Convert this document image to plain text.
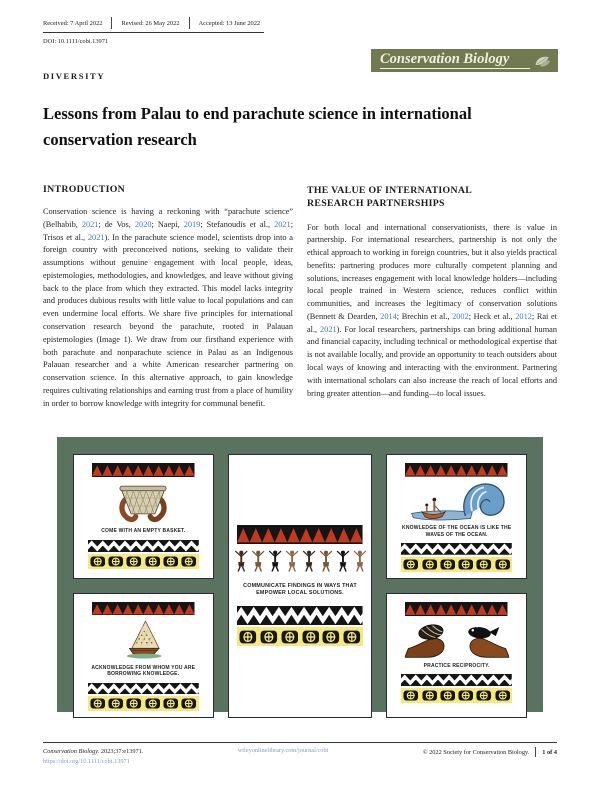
Received: 7 April 2022	Revised: 26 May 2022	Accepted: 13 June 2022
DOI: 10.1111/cobi.13971
Conservation Biology
DIVERSITY
Lessons from Palau to end parachute science in international conservation research
INTRODUCTION

Conservation science is having a reckoning with “parachute science” (Belhabib, 2021; de Vos, 2020; Naepi, 2019; Stefanoudis et al., 2021; Trisos et al., 2021). In the parachute science model, scientists drop into a foreign country with preconceived notions, seeking to validate their assumptions without genuine engagement with local people, ideas, epistemologies, methodologies, and knowledges, and leave without giving back to the place from which they extracted. This model lacks integrity and produces dubious results with little value to local populations and can even undermine local efforts. We share five principles for international conservation research beyond the parachute, rooted in Palauan epistemologies (Image 1). We draw from our firsthand experience with both parachute and nonparachute science in Palau as an Indigenous Palauan researcher and a white American researcher partnering on conservation science. In this alternative approach, to gain knowledge requires cultivating relationships and earning trust from a place of humility in order to borrow knowledge with integrity for communal benefit.

THE VALUE OF INTERNATIONAL RESEARCH PARTNERSHIPS

For both local and international conservationists, there is value in partnership. For international researchers, partnership is not only the ethical approach to working in foreign countries, but it also yields practical benefits: partnering produces more culturally competent planning and solutions, increases engagement with local knowledge holders—including local people trained in Western science, reduces conflict within communities, and increases the legitimacy of conservation solutions (Bennett & Dearden, 2014; Brechin et al., 2002; Heck et al., 2012; Rai et al., 2021). For local researchers, partnerships can bring additional human and financial capacity, including technical or methodological expertise that is not available locally, and provide an opportunity to teach outsiders about local ways of knowing and interacting with the environment. Partnering with international scholars can also increase the reach of local efforts and bring greater attention—and funding—to local issues.

COME WITH AN EMPTY BASKET.
ACKNOWLEDGE FROM WHOM YOU ARE BORROWING KNOWLEDGE.
COMMUNICATE FINDINGS IN WAYS THAT EMPOWER LOCAL SOLUTIONS.
KNOWLEDGE OF THE OCEAN IS LIKE THE WAVES OF THE OCEAN.
PRACTICE RECIPROCITY.
Conservation Biology. 2023;37:e13971.
https://doi.org/10.1111/cobi.13971
wileyonlinelibrary.com/journal/cobi	© 2022 Society for Conservation Biology. 1 of 4
